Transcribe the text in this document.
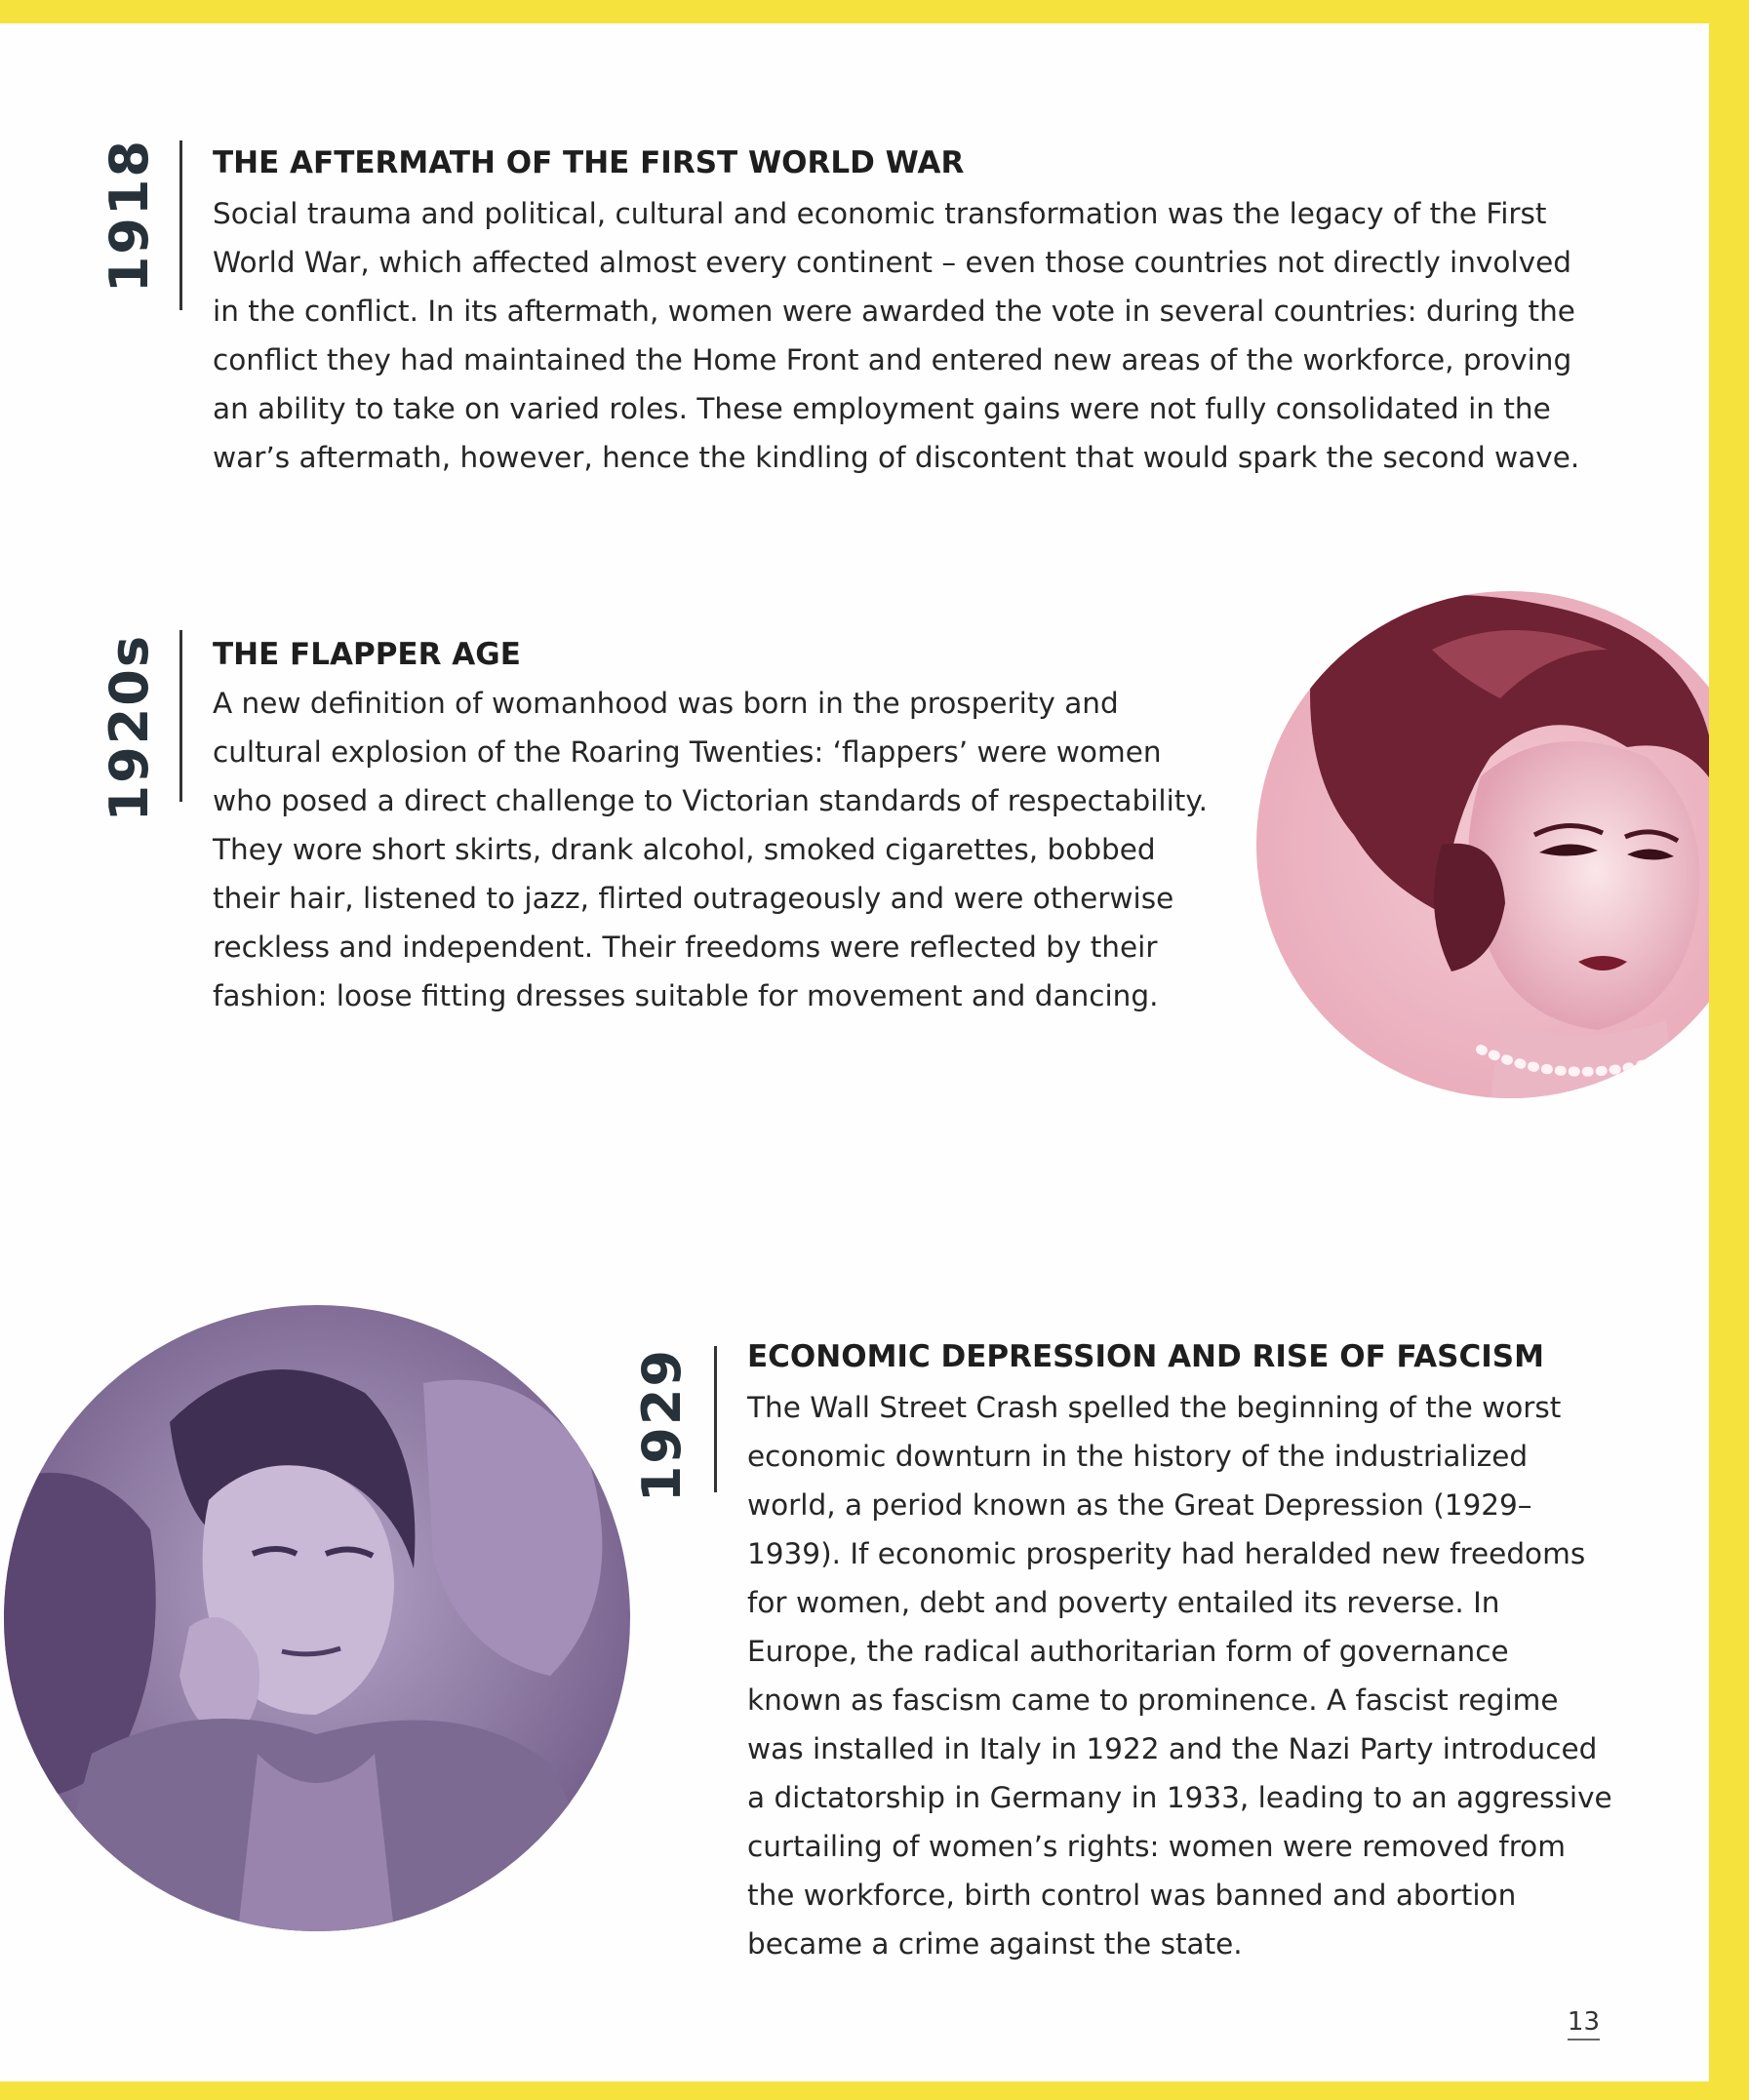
1918 THE AFTERMATH OF THE FIRST WORLD WAR
Social trauma and political, cultural and economic transformation was the legacy of the First
World War, which affected almost every continent – even those countries not directly involved
in the conflict. In its aftermath, women were awarded the vote in several countries: during the
conflict they had maintained the Home Front and entered new areas of the workforce, proving
an ability to take on varied roles. These employment gains were not fully consolidated in the
war’s aftermath, however, hence the kindling of discontent that would spark the second wave.
1920s THE FLAPPER AGE
A new definition of womanhood was born in the prosperity and
cultural explosion of the Roaring Twenties: ‘flappers’ were women
who posed a direct challenge to Victorian standards of respectability.
They wore short skirts, drank alcohol, smoked cigarettes, bobbed
their hair, listened to jazz, flirted outrageously and were otherwise
reckless and independent. Their freedoms were reflected by their
fashion: loose fitting dresses suitable for movement and dancing.
1929 ECONOMIC DEPRESSION AND RISE OF FASCISM
The Wall Street Crash spelled the beginning of the worst
economic downturn in the history of the industrialized
world, a period known as the Great Depression (1929–
1939). If economic prosperity had heralded new freedoms
for women, debt and poverty entailed its reverse. In
Europe, the radical authoritarian form of governance
known as fascism came to prominence. A fascist regime
was installed in Italy in 1922 and the Nazi Party introduced
a dictatorship in Germany in 1933, leading to an aggressive
curtailing of women’s rights: women were removed from
the workforce, birth control was banned and abortion
became a crime against the state.
13
